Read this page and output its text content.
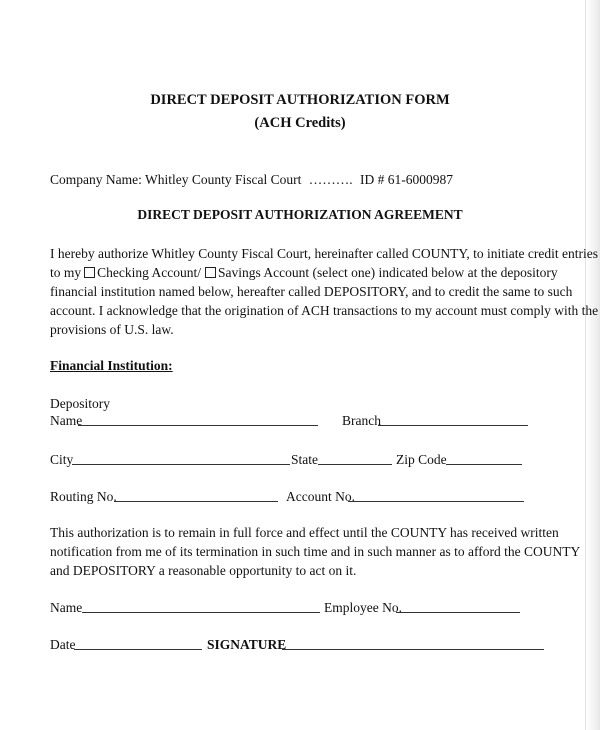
DIRECT DEPOSIT AUTHORIZATION FORM
(ACH Credits)
Company Name: Whitley County Fiscal Court ………. ID # 61-6000987
DIRECT DEPOSIT AUTHORIZATION AGREEMENT
I hereby authorize Whitley County Fiscal Court, hereinafter called COUNTY, to initiate credit entries
to my Checking Account/ Savings Account (select one) indicated below at the depository
financial institution named below, hereafter called DEPOSITORY, and to credit the same to such
account. I acknowledge that the origination of ACH transactions to my account must comply with the
provisions of U.S. law.
Financial Institution:
Depository
Name	Branch
City	State	Zip Code
Routing No.	Account No.
This authorization is to remain in full force and effect until the COUNTY has received written
notification from me of its termination in such time and in such manner as to afford the COUNTY
and DEPOSITORY a reasonable opportunity to act on it.
Name	Employee No.
Date	SIGNATURE
